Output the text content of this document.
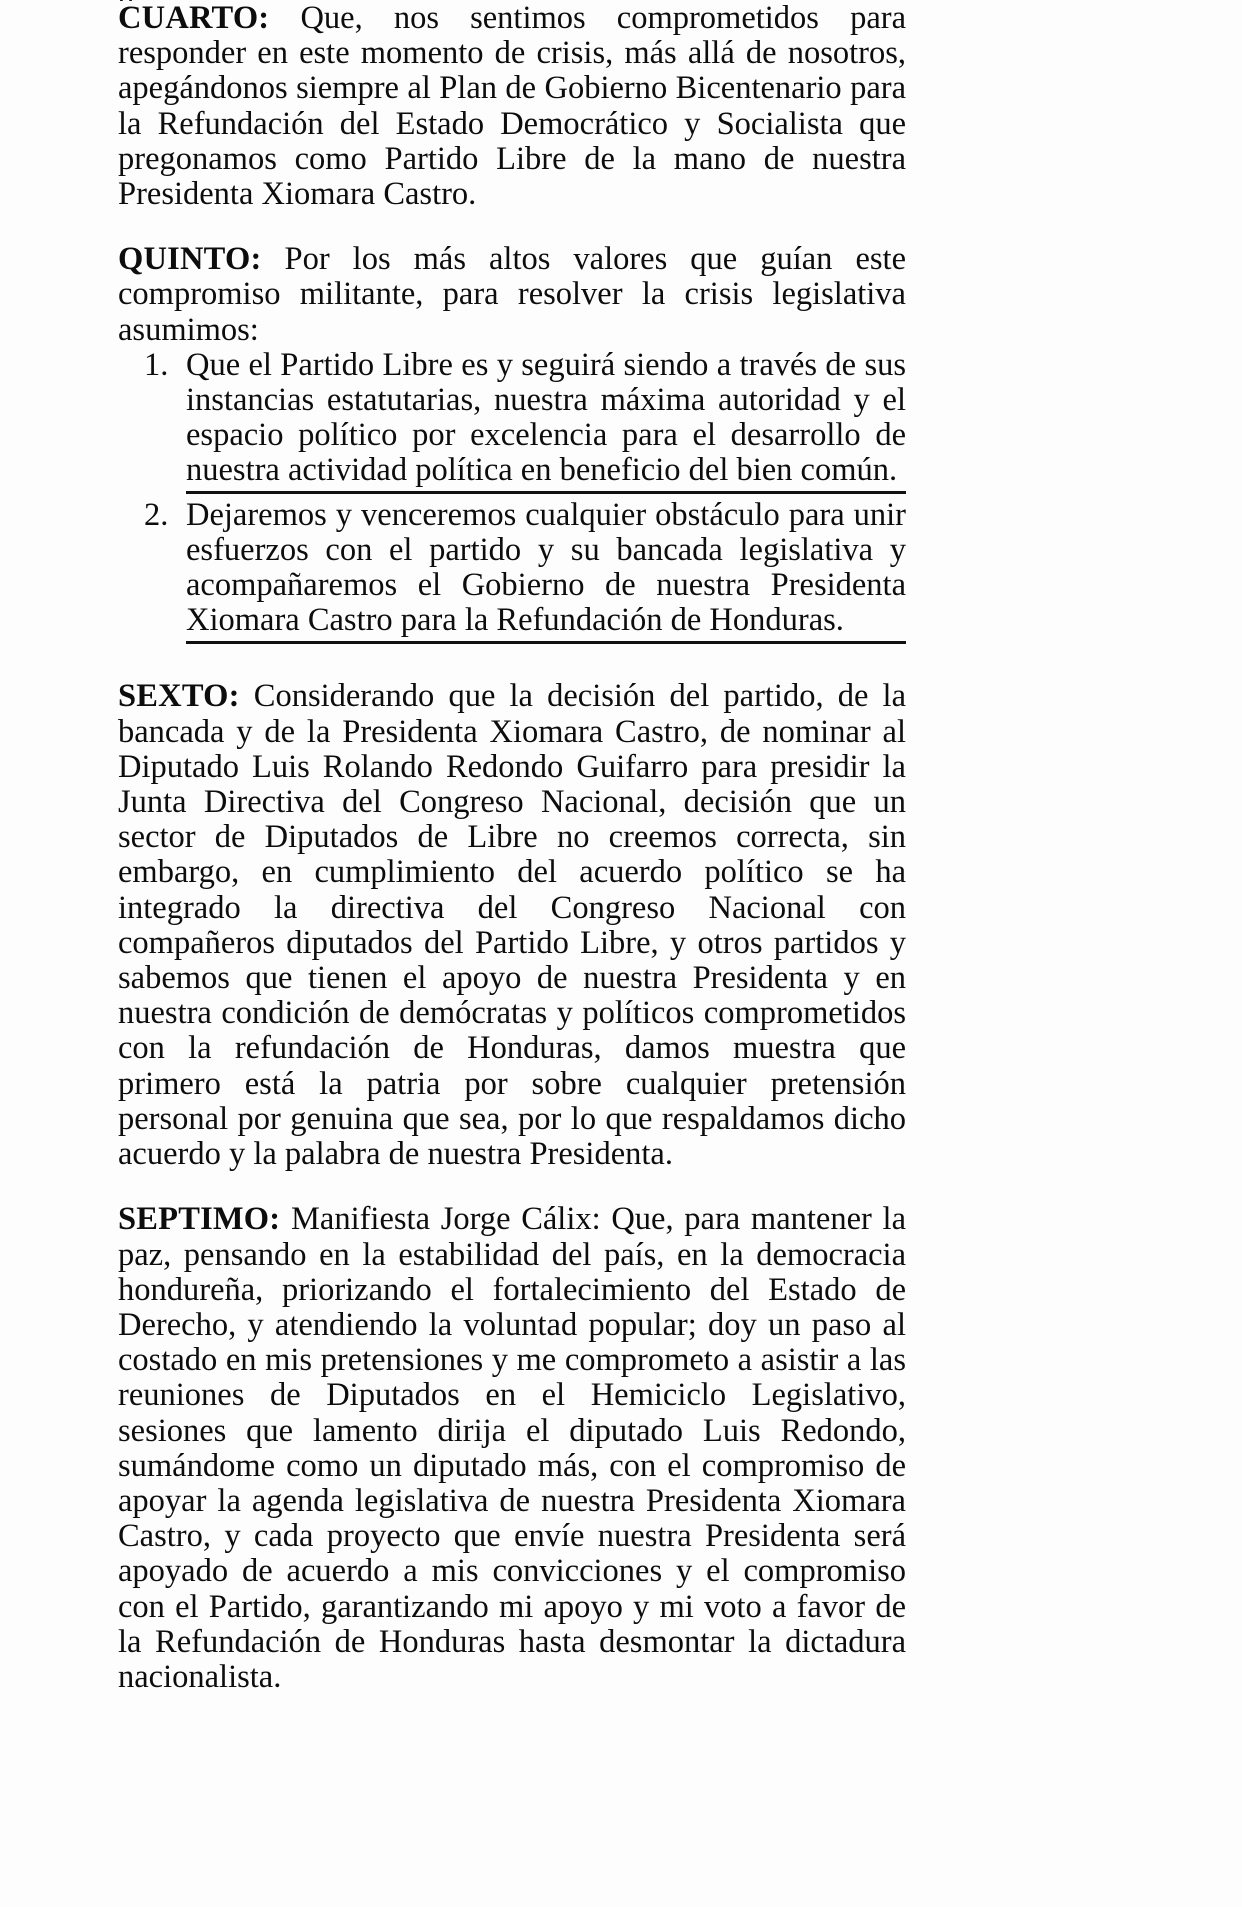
CUARTO: Que, nos sentimos comprometidos para responder en este momento de crisis, más allá de nosotros, apegándonos siempre al Plan de Gobierno Bicentenario para la Refundación del Estado Democrático y Socialista que pregonamos como Partido Libre de la mano de nuestra Presidenta Xiomara Castro.

QUINTO: Por los más altos valores que guían este compromiso militante, para resolver la crisis legislativa asumimos:

1. Que el Partido Libre es y seguirá siendo a través de sus instancias estatutarias, nuestra máxima autoridad y el espacio político por excelencia para el desarrollo de nuestra actividad política en beneficio del bien común.
2. Dejaremos y venceremos cualquier obstáculo para unir esfuerzos con el partido y su bancada legislativa y acompañaremos el Gobierno de nuestra Presidenta Xiomara Castro para la Refundación de Honduras.

SEXTO: Considerando que la decisión del partido, de la bancada y de la Presidenta Xiomara Castro, de nominar al Diputado Luis Rolando Redondo Guifarro para presidir la Junta Directiva del Congreso Nacional, decisión que un sector de Diputados de Libre no creemos correcta, sin embargo, en cumplimiento del acuerdo político se ha integrado la directiva del Congreso Nacional con compañeros diputados del Partido Libre, y otros partidos y sabemos que tienen el apoyo de nuestra Presidenta y en nuestra condición de demócratas y políticos comprometidos con la refundación de Honduras, damos muestra que primero está la patria por sobre cualquier pretensión personal por genuina que sea, por lo que respaldamos dicho acuerdo y la palabra de nuestra Presidenta.

SEPTIMO: Manifiesta Jorge Cálix: Que, para mantener la paz, pensando en la estabilidad del país, en la democracia hondureña, priorizando el fortalecimiento del Estado de Derecho, y atendiendo la voluntad popular; doy un paso al costado en mis pretensiones y me comprometo a asistir a las reuniones de Diputados en el Hemiciclo Legislativo, sesiones que lamento dirija el diputado Luis Redondo, sumándome como un diputado más, con el compromiso de apoyar la agenda legislativa de nuestra Presidenta Xiomara Castro, y cada proyecto que envíe nuestra Presidenta será apoyado de acuerdo a mis convicciones y el compromiso con el Partido, garantizando mi apoyo y mi voto a favor de la Refundación de Honduras hasta desmontar la dictadura nacionalista.
